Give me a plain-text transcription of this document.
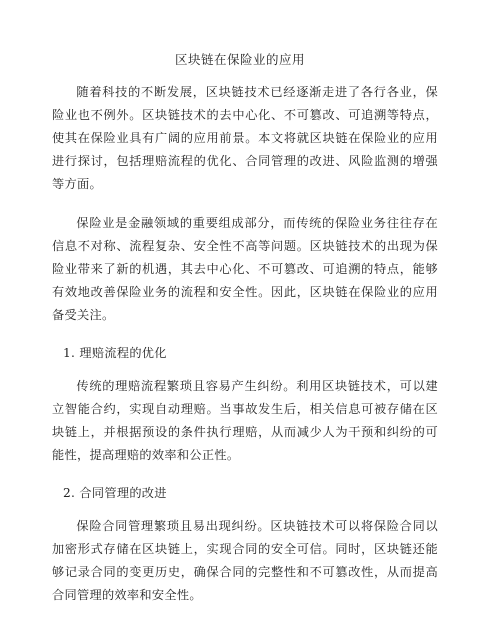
区块链在保险业的应用

随着科技的不断发展，区块链技术已经逐渐走进了各行各业，保险业也不例外。区块链技术的去中心化、不可篡改、可追溯等特点，使其在保险业具有广阔的应用前景。本文将就区块链在保险业的应用进行探讨，包括理赔流程的优化、合同管理的改进、风险监测的增强等方面。

保险业是金融领域的重要组成部分，而传统的保险业务往往存在信息不对称、流程复杂、安全性不高等问题。区块链技术的出现为保险业带来了新的机遇，其去中心化、不可篡改、可追溯的特点，能够有效地改善保险业务的流程和安全性。因此，区块链在保险业的应用备受关注。

1. 理赔流程的优化

传统的理赔流程繁琐且容易产生纠纷。利用区块链技术，可以建立智能合约，实现自动理赔。当事故发生后，相关信息可被存储在区块链上，并根据预设的条件执行理赔，从而减少人为干预和纠纷的可能性，提高理赔的效率和公正性。

2. 合同管理的改进

保险合同管理繁琐且易出现纠纷。区块链技术可以将保险合同以加密形式存储在区块链上，实现合同的安全可信。同时，区块链还能够记录合同的变更历史，确保合同的完整性和不可篡改性，从而提高合同管理的效率和安全性。
